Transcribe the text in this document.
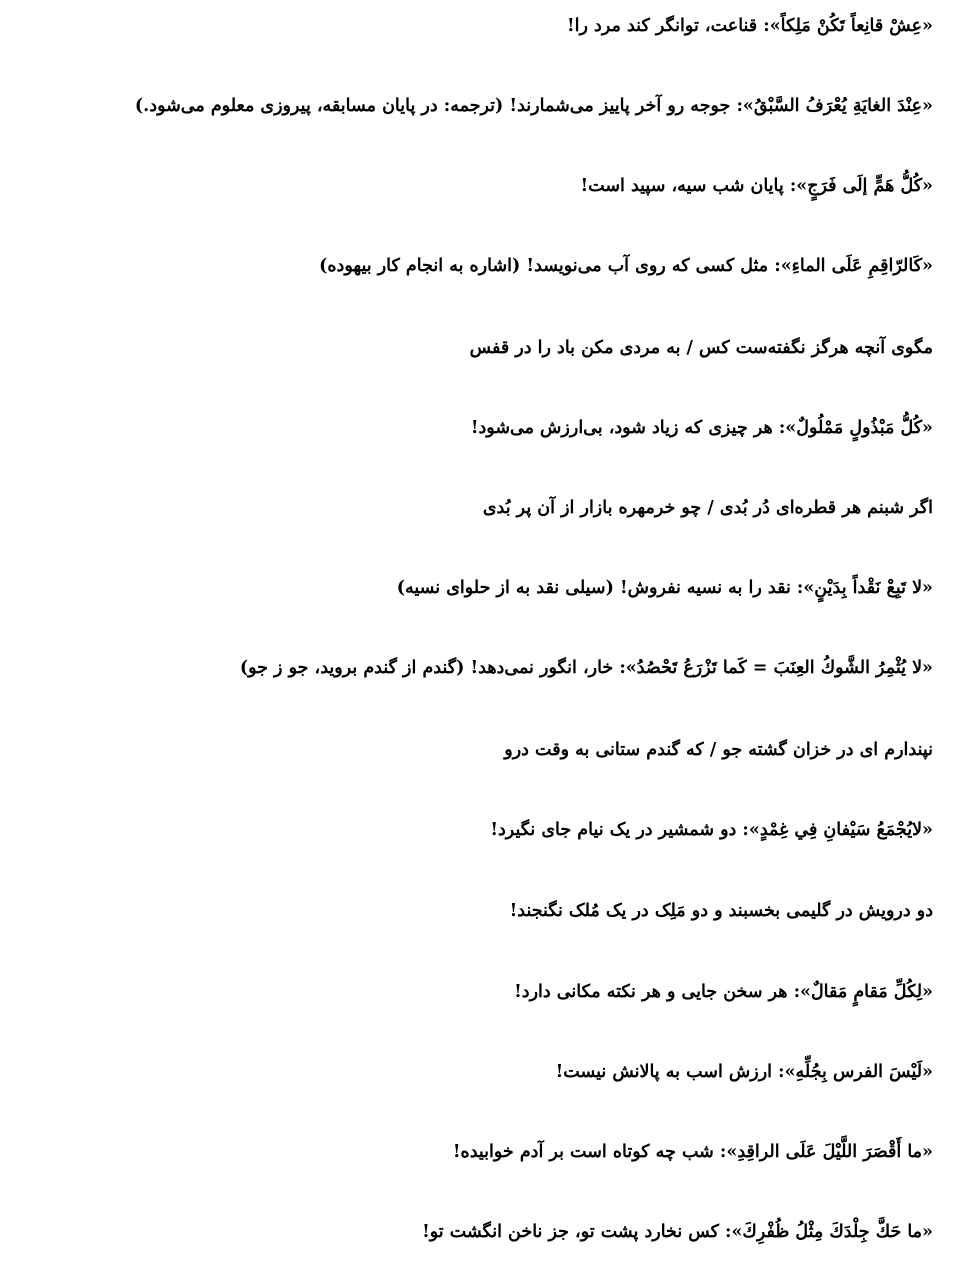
«عِشْ قانِعاً تَكُنْ مَلِكاً»: قناعت، توانگر کند مرد را!
«عِنْدَ الغايَةِ يُعْرَفُ السَّبْقُ»: جوجه رو آخر پاییز می‌شمارند! (ترجمه: در پایان مسابقه، پیروزی معلوم می‌شود.)
«كُلُّ هَمٍّ إلَى فَرَجٍ»: پایان شب سیه، سپید است!
«كَالرّاقِمِ عَلَى الماءِ»: مثل کسی که روی آب می‌نویسد! (اشاره به انجام کار بیهوده)
مگوی آنچه هرگز نگفته‌ست کس / به مردی مکن باد را در قفس
«كُلُّ مَبْذُولٍ مَمْلُولٌ»: هر چیزی که زیاد شود، بی‌ارزش می‌شود!
اگر شبنم هر قطره‌ای دُر بُدی / چو خرمهره بازار از آن پر بُدی
«لا تَبِعْ نَقْداً بِدَيْنٍ»: نقد را به نسیه نفروش! (سیلی نقد به از حلوای نسیه)
«لا يُثْمِرُ الشَّوكُ العِنَبَ = كَما تَزْرَعُ تَحْصُدُ»: خار، انگور نمی‌دهد! (گندم از گندم بروید، جو ز جو)
نپندارم ای در خزان گشته جو / که گندم ستانی به وقت درو
«لايُجْمَعُ سَيْفانِ فِي غِمْدٍ»: دو شمشیر در یک نیام جای نگیرد!
دو درویش در گلیمی بخسبند و دو مَلِک در یک مُلک نگنجند!
«لِكُلِّ مَقامٍ مَقالٌ»: هر سخن جایی و هر نکته مکانی دارد!
«لَيْسَ الفرس بِجُلِّهِ»: ارزش اسب به پالانش نیست!
«ما أَقْصَرَ اللَّيْلَ عَلَى الراقِدِ»: شب چه کوتاه است بر آدم خوابیده!
«ما حَكَّ جِلْدَكَ مِثْلُ ظُفْرِكَ»: کس نخارد پشت تو، جز ناخن انگشت تو!
